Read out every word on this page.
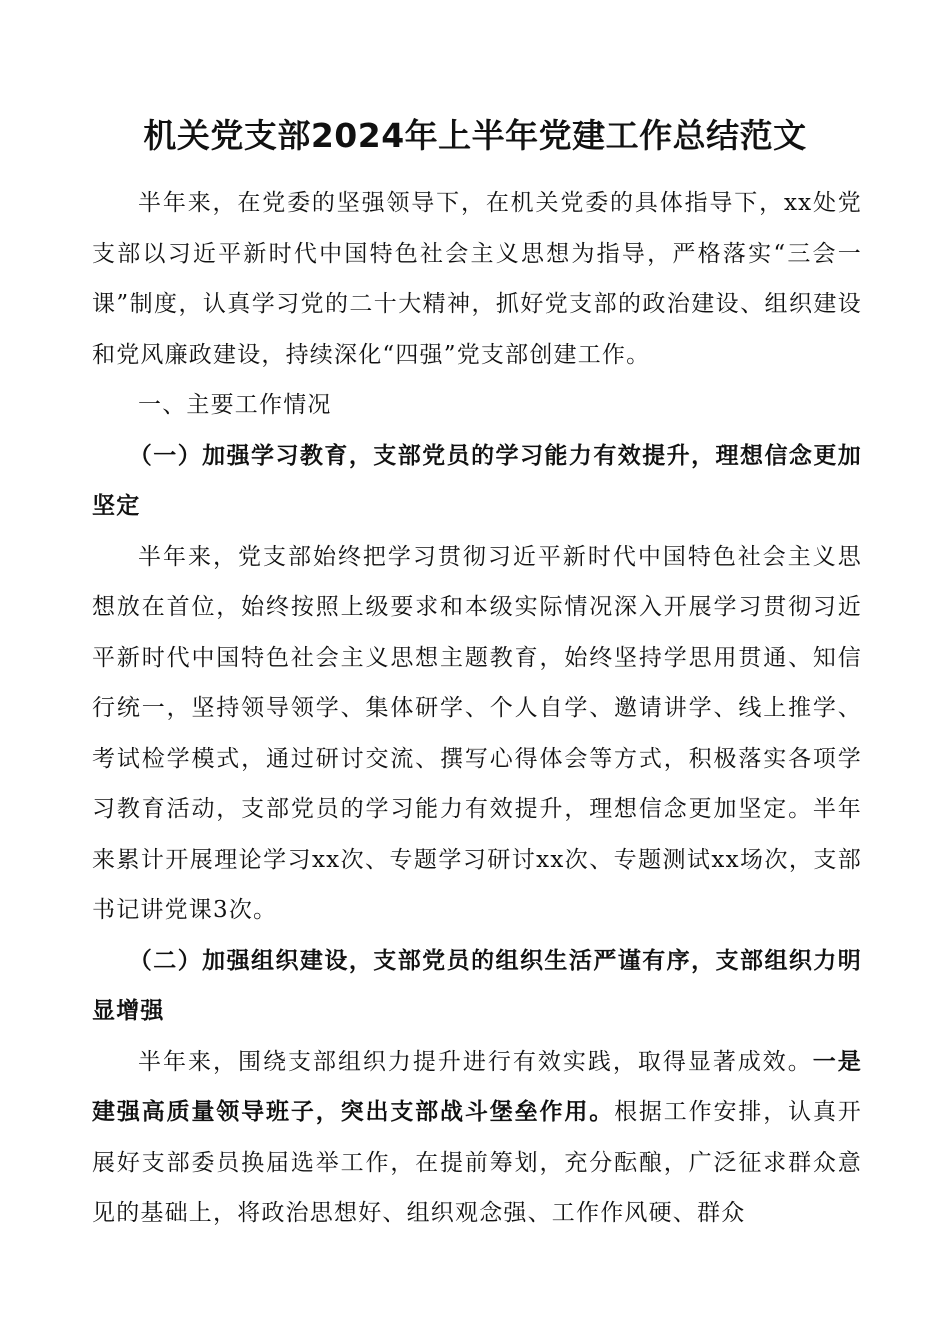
机关党支部2024年上半年党建工作总结范文

半年来，在党委的坚强领导下，在机关党委的具体指导下，xx处党支部以习近平新时代中国特色社会主义思想为指导，严格落实“三会一课”制度，认真学习党的二十大精神，抓好党支部的政治建设、组织建设和党风廉政建设，持续深化“四强”党支部创建工作。

一、主要工作情况

（一）加强学习教育，支部党员的学习能力有效提升，理想信念更加坚定

半年来，党支部始终把学习贯彻习近平新时代中国特色社会主义思想放在首位，始终按照上级要求和本级实际情况深入开展学习贯彻习近平新时代中国特色社会主义思想主题教育，始终坚持学思用贯通、知信行统一，坚持领导领学、集体研学、个人自学、邀请讲学、线上推学、考试检学模式，通过研讨交流、撰写心得体会等方式，积极落实各项学习教育活动，支部党员的学习能力有效提升，理想信念更加坚定。半年来累计开展理论学习xx次、专题学习研讨xx次、专题测试xx场次，支部书记讲党课3次。

（二）加强组织建设，支部党员的组织生活严谨有序，支部组织力明显增强

半年来，围绕支部组织力提升进行有效实践，取得显著成效。一是建强高质量领导班子，突出支部战斗堡垒作用。根据工作安排，认真开展好支部委员换届选举工作，在提前筹划，充分酝酿，广泛征求群众意见的基础上，将政治思想好、组织观念强、工作作风硬、群众
